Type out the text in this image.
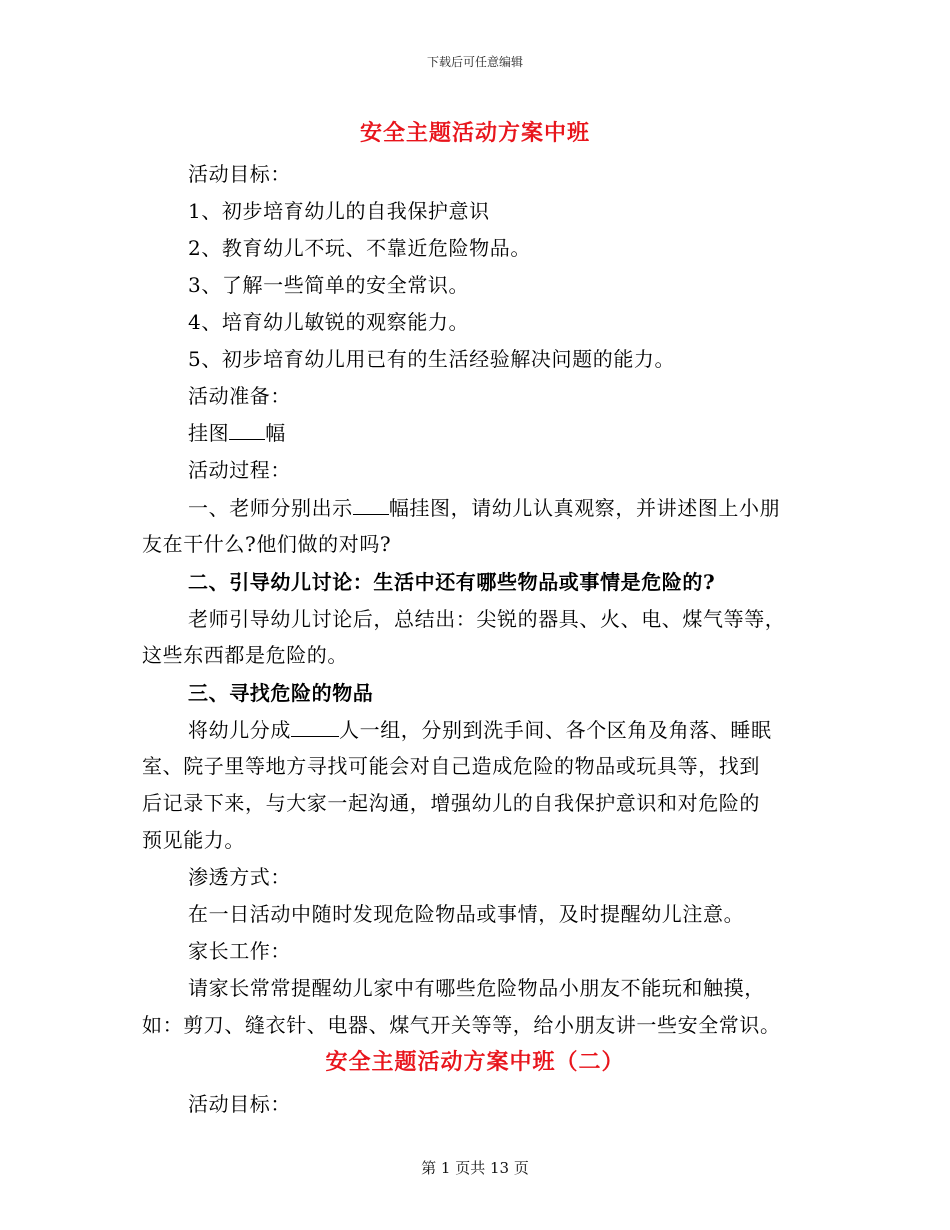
下载后可任意编辑
安全主题活动方案中班
活动目标：
1、初步培育幼儿的自我保护意识
2、教育幼儿不玩、不靠近危险物品。
3、了解一些简单的安全常识。
4、培育幼儿敏锐的观察能力。
5、初步培育幼儿用已有的生活经验解决问题的能力。
活动准备：
挂图 幅
活动过程：
一、老师分别出示 幅挂图，请幼儿认真观察，并讲述图上小朋
友在干什么?他们做的对吗?
二、引导幼儿讨论：生活中还有哪些物品或事情是危险的?
老师引导幼儿讨论后，总结出：尖锐的器具、火、电、煤气等等，
这些东西都是危险的。
三、寻找危险的物品
将幼儿分成 人一组，分别到洗手间、各个区角及角落、睡眠
室、院子里等地方寻找可能会对自己造成危险的物品或玩具等，找到
后记录下来，与大家一起沟通，增强幼儿的自我保护意识和对危险的
预见能力。
渗透方式：
在一日活动中随时发现危险物品或事情，及时提醒幼儿注意。
家长工作：
请家长常常提醒幼儿家中有哪些危险物品小朋友不能玩和触摸，
如：剪刀、缝衣针、电器、煤气开关等等，给小朋友讲一些安全常识。
安全主题活动方案中班（二）
活动目标：
第 1 页共 13 页
